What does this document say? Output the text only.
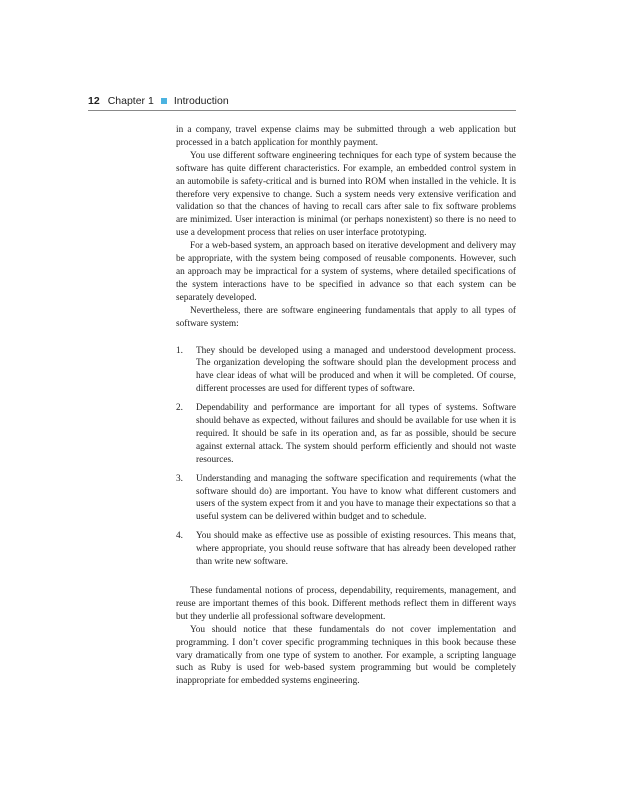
12 Chapter 1 Introduction

in a company, travel expense claims may be submitted through a web application but processed in a batch application for monthly payment.

You use different software engineering techniques for each type of system because the software has quite different characteristics. For example, an embedded control system in an automobile is safety-critical and is burned into ROM when installed in the vehicle. It is therefore very expensive to change. Such a system needs very extensive verification and validation so that the chances of having to recall cars after sale to fix software problems are minimized. User interaction is minimal (or perhaps nonexistent) so there is no need to use a development process that relies on user interface prototyping.

For a web-based system, an approach based on iterative development and delivery may be appropriate, with the system being composed of reusable components. However, such an approach may be impractical for a system of systems, where detailed specifications of the system interactions have to be specified in advance so that each system can be separately developed.

Nevertheless, there are software engineering fundamentals that apply to all types of software system:

1. They should be developed using a managed and understood development process. The organization developing the software should plan the development process and have clear ideas of what will be produced and when it will be completed. Of course, different processes are used for different types of software.
2. Dependability and performance are important for all types of systems. Software should behave as expected, without failures and should be available for use when it is required. It should be safe in its operation and, as far as possible, should be secure against external attack. The system should perform efficiently and should not waste resources.
3. Understanding and managing the software specification and requirements (what the software should do) are important. You have to know what different customers and users of the system expect from it and you have to manage their expectations so that a useful system can be delivered within budget and to schedule.
4. You should make as effective use as possible of existing resources. This means that, where appropriate, you should reuse software that has already been developed rather than write new software.

These fundamental notions of process, dependability, requirements, management, and reuse are important themes of this book. Different methods reflect them in different ways but they underlie all professional software development.

You should notice that these fundamentals do not cover implementation and programming. I don’t cover specific programming techniques in this book because these vary dramatically from one type of system to another. For example, a scripting language such as Ruby is used for web-based system programming but would be completely inappropriate for embedded systems engineering.
